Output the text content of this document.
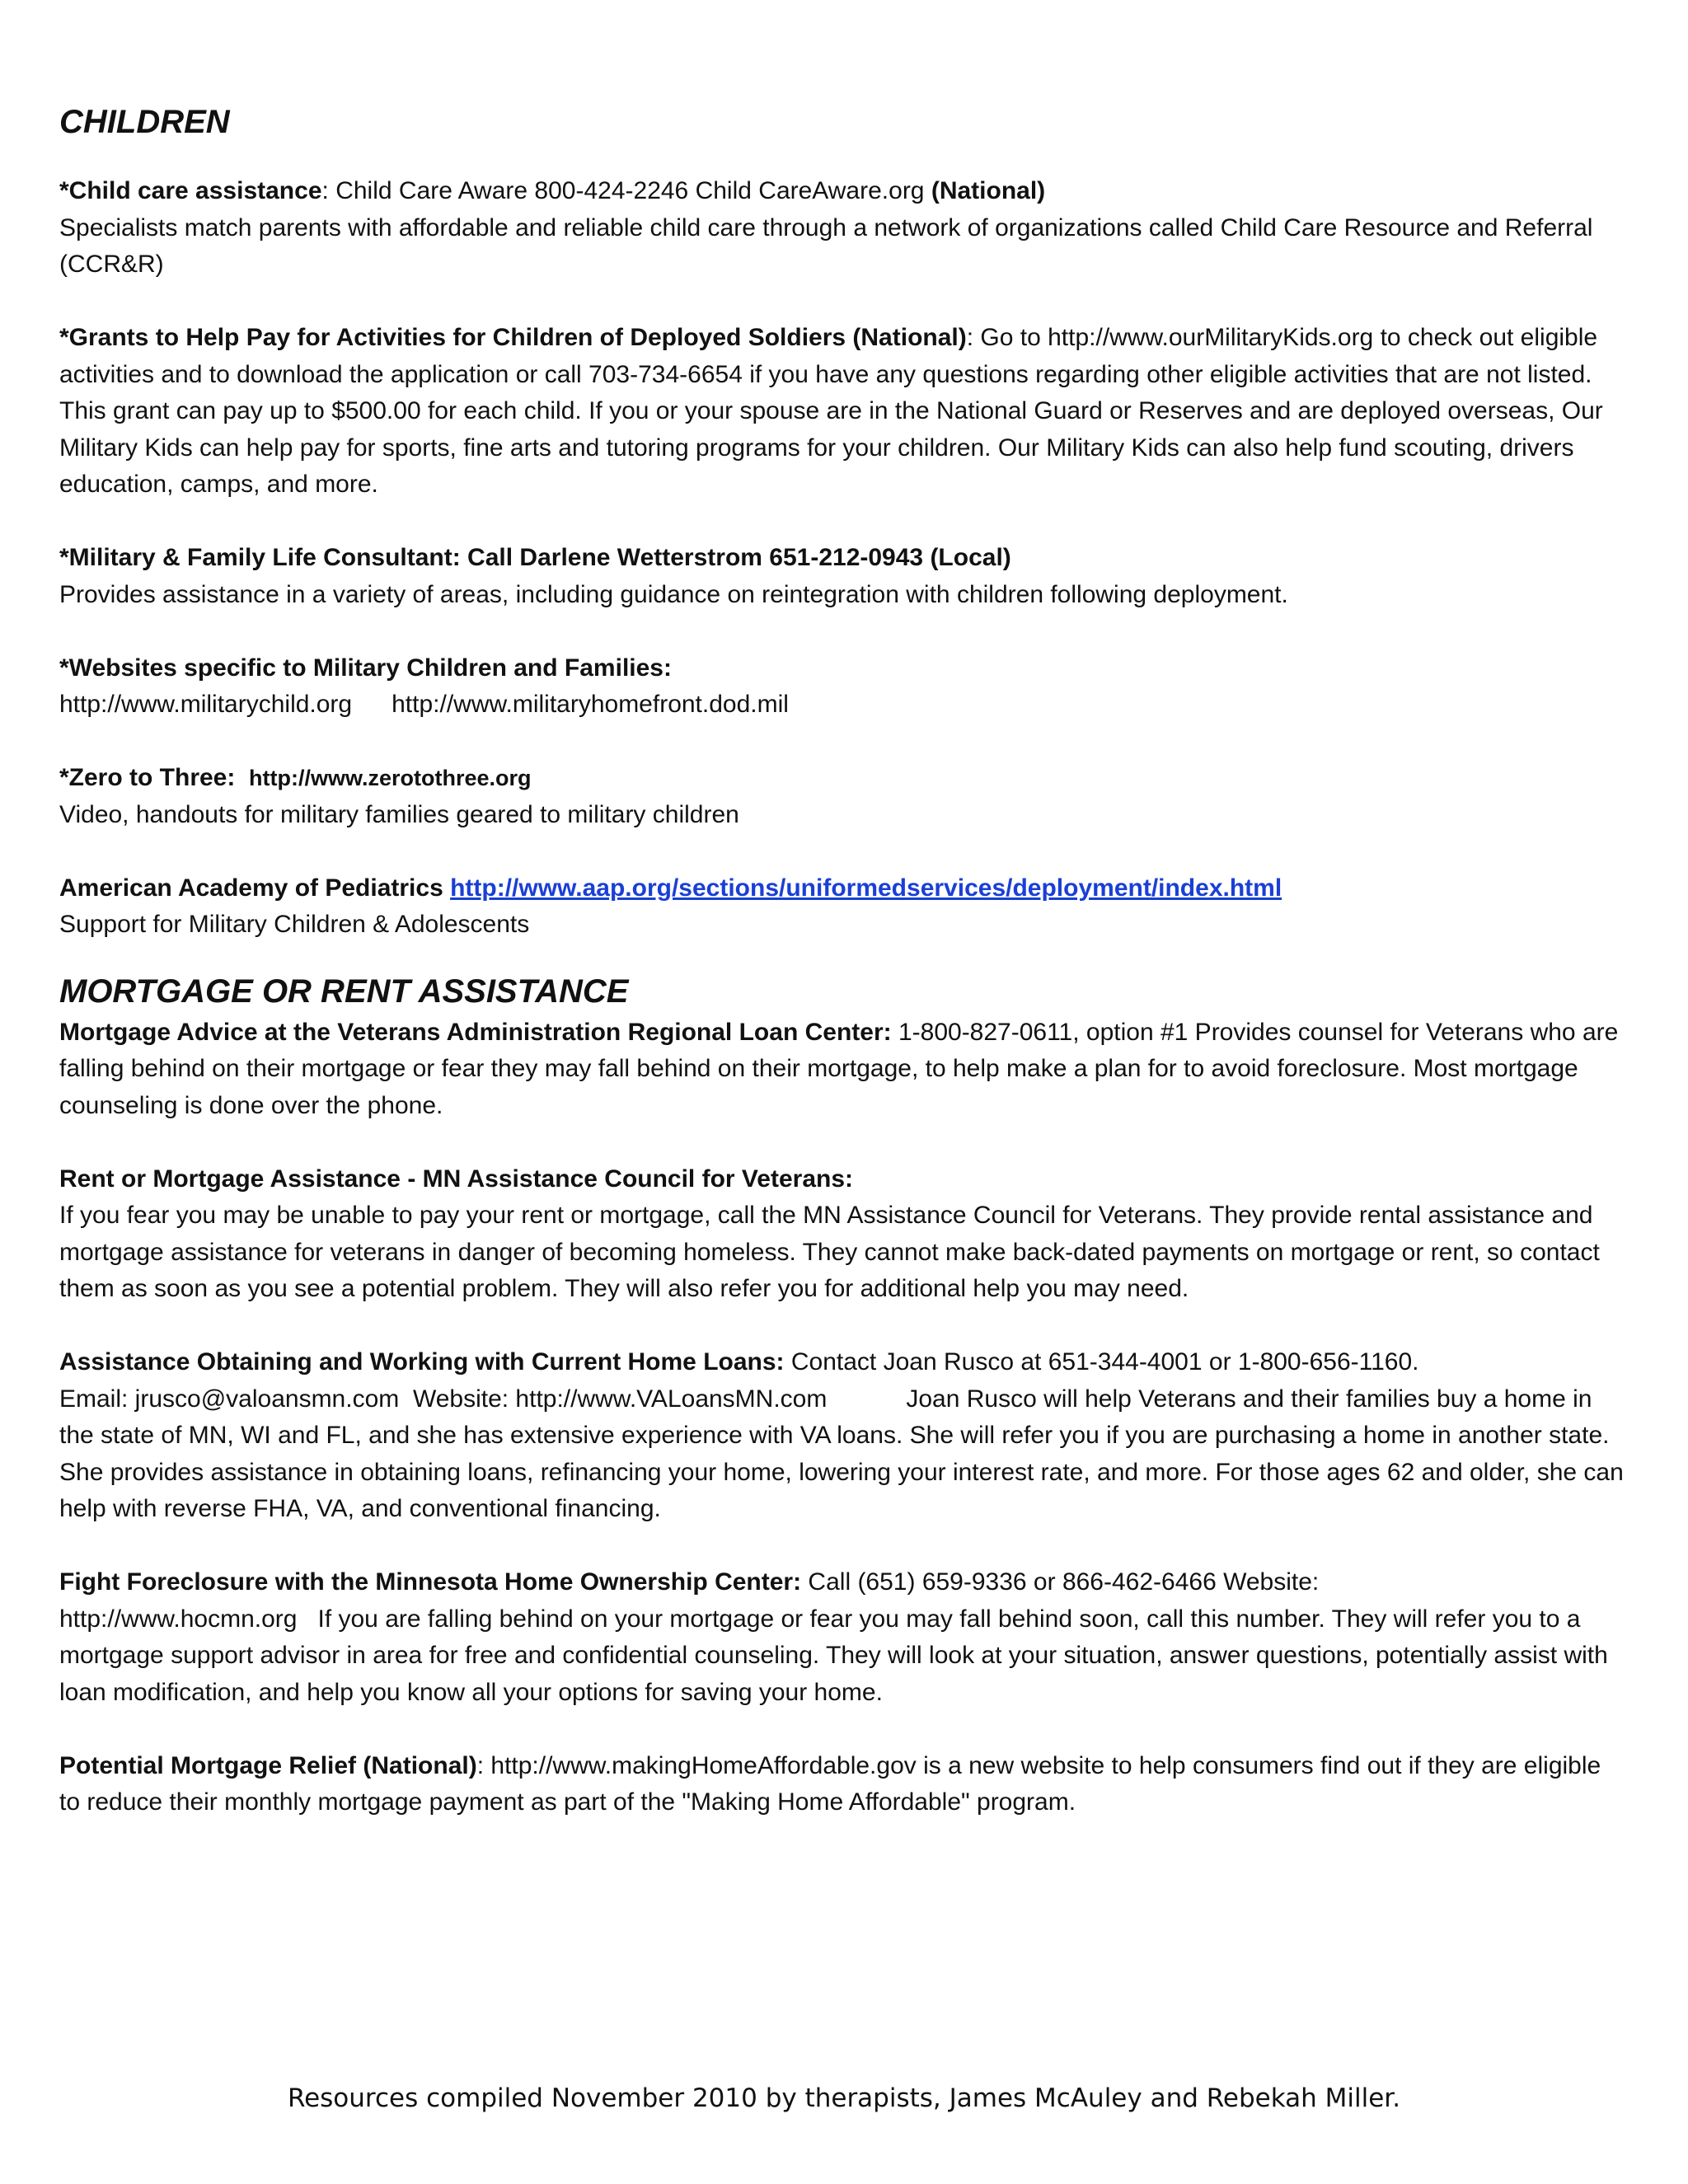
CHILDREN

*Child care assistance: Child Care Aware 800-424-2246 Child CareAware.org (National)
Specialists match parents with affordable and reliable child care through a network of organizations called Child Care Resource and Referral (CCR&R)

*Grants to Help Pay for Activities for Children of Deployed Soldiers (National): Go to http://www.ourMilitaryKids.org to check out eligible activities and to download the application or call 703-734-6654 if you have any questions regarding other eligible activities that are not listed. This grant can pay up to $500.00 for each child. If you or your spouse are in the National Guard or Reserves and are deployed overseas, Our Military Kids can help pay for sports, fine arts and tutoring programs for your children. Our Military Kids can also help fund scouting, drivers education, camps, and more.

*Military & Family Life Consultant: Call Darlene Wetterstrom 651-212-0943 (Local)
Provides assistance in a variety of areas, including guidance on reintegration with children following deployment.

*Websites specific to Military Children and Families:
http://www.militarychild.org http://www.militaryhomefront.dod.mil

*Zero to Three: http://www.zerotothree.org
Video, handouts for military families geared to military children

American Academy of Pediatrics http://www.aap.org/sections/uniformedservices/deployment/index.html
Support for Military Children & Adolescents

MORTGAGE OR RENT ASSISTANCE

Mortgage Advice at the Veterans Administration Regional Loan Center: 1-800-827-0611, option #1 Provides counsel for Veterans who are falling behind on their mortgage or fear they may fall behind on their mortgage, to help make a plan for to avoid foreclosure. Most mortgage counseling is done over the phone.

Rent or Mortgage Assistance - MN Assistance Council for Veterans:
If you fear you may be unable to pay your rent or mortgage, call the MN Assistance Council for Veterans. They provide rental assistance and mortgage assistance for veterans in danger of becoming homeless. They cannot make back-dated payments on mortgage or rent, so contact them as soon as you see a potential problem. They will also refer you for additional help you may need.

Assistance Obtaining and Working with Current Home Loans: Contact Joan Rusco at 651-344-4001 or 1-800-656-1160.
Email: jrusco@valoansmn.com Website: http://www.VALoansMN.com	Joan Rusco will help Veterans and their families buy a home in the state of MN, WI and FL, and she has extensive experience with VA loans. She will refer you if you are purchasing a home in another state. She provides assistance in obtaining loans, refinancing your home, lowering your interest rate, and more. For those ages 62 and older, she can help with reverse FHA, VA, and conventional financing.

Fight Foreclosure with the Minnesota Home Ownership Center: Call (651) 659-9336 or 866-462-6466 Website:
http://www.hocmn.org If you are falling behind on your mortgage or fear you may fall behind soon, call this number. They will refer you to a mortgage support advisor in area for free and confidential counseling. They will look at your situation, answer questions, potentially assist with loan modification, and help you know all your options for saving your home.

Potential Mortgage Relief (National): http://www.makingHomeAffordable.gov is a new website to help consumers find out if they are eligible to reduce their monthly mortgage payment as part of the "Making Home Affordable" program.

Resources compiled November 2010 by therapists, James McAuley and Rebekah Miller.
